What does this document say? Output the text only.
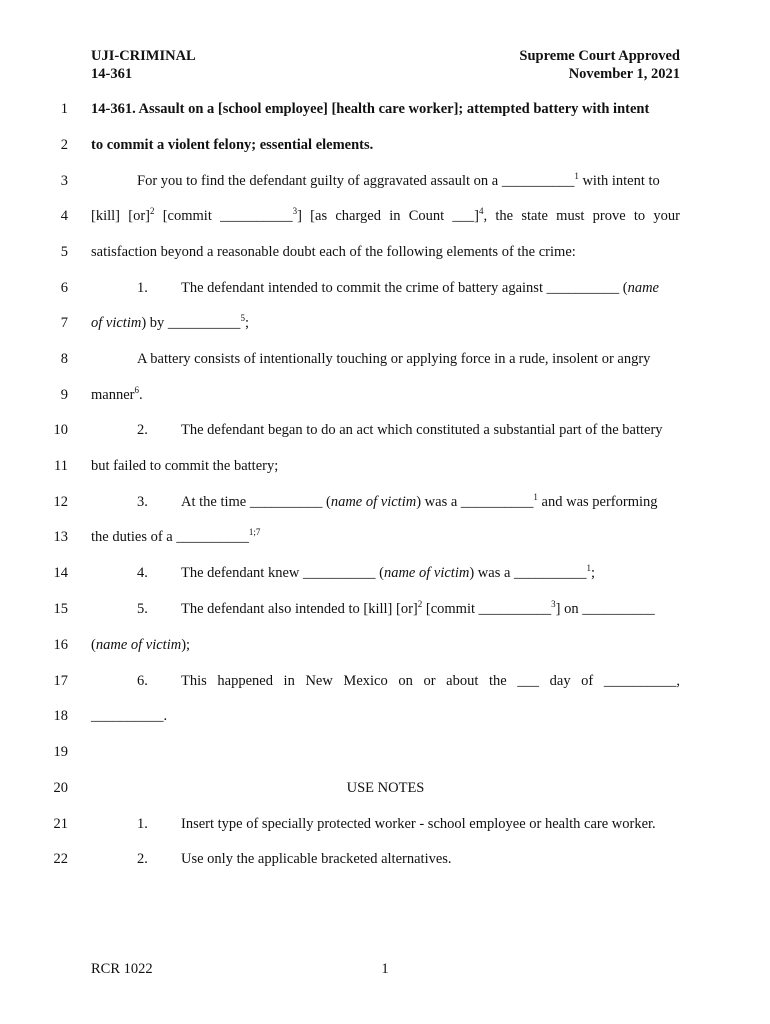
UJI-CRIMINAL
14-361
Supreme Court Approved
November 1, 2021
1
2
3
4
5
6
7
8
9
10
11
12
13
14
15
16
17
18
19
20
21
22
14-361. Assault on a [school employee] [health care worker]; attempted battery with intent
to commit a violent felony; essential elements.
For you to find the defendant guilty of aggravated assault on a __________$^1$ with intent to
[kill] [or]$^2$ [commit __________$^3$] [as charged in Count ___]$^4$, the state must prove to your
satisfaction beyond a reasonable doubt each of the following elements of the crime:
1. The defendant intended to commit the crime of battery against __________ (name
of victim) by __________$^5$;
A battery consists of intentionally touching or applying force in a rude, insolent or angry
manner$^6$.
2. The defendant began to do an act which constituted a substantial part of the battery
but failed to commit the battery;
3. At the time __________ (name of victim) was a __________$^1$ and was performing
the duties of a __________$^{1;7}$
4. The defendant knew __________ (name of victim) was a __________$^1$;
5. The defendant also intended to [kill] [or]$^2$ [commit __________$^3$] on __________
(name of victim);
6.	This happened in New Mexico on or about the ___ day of __________,
__________.
USE NOTES
1. Insert type of specially protected worker - school employee or health care worker.
2. Use only the applicable bracketed alternatives.
RCR 1022	1
